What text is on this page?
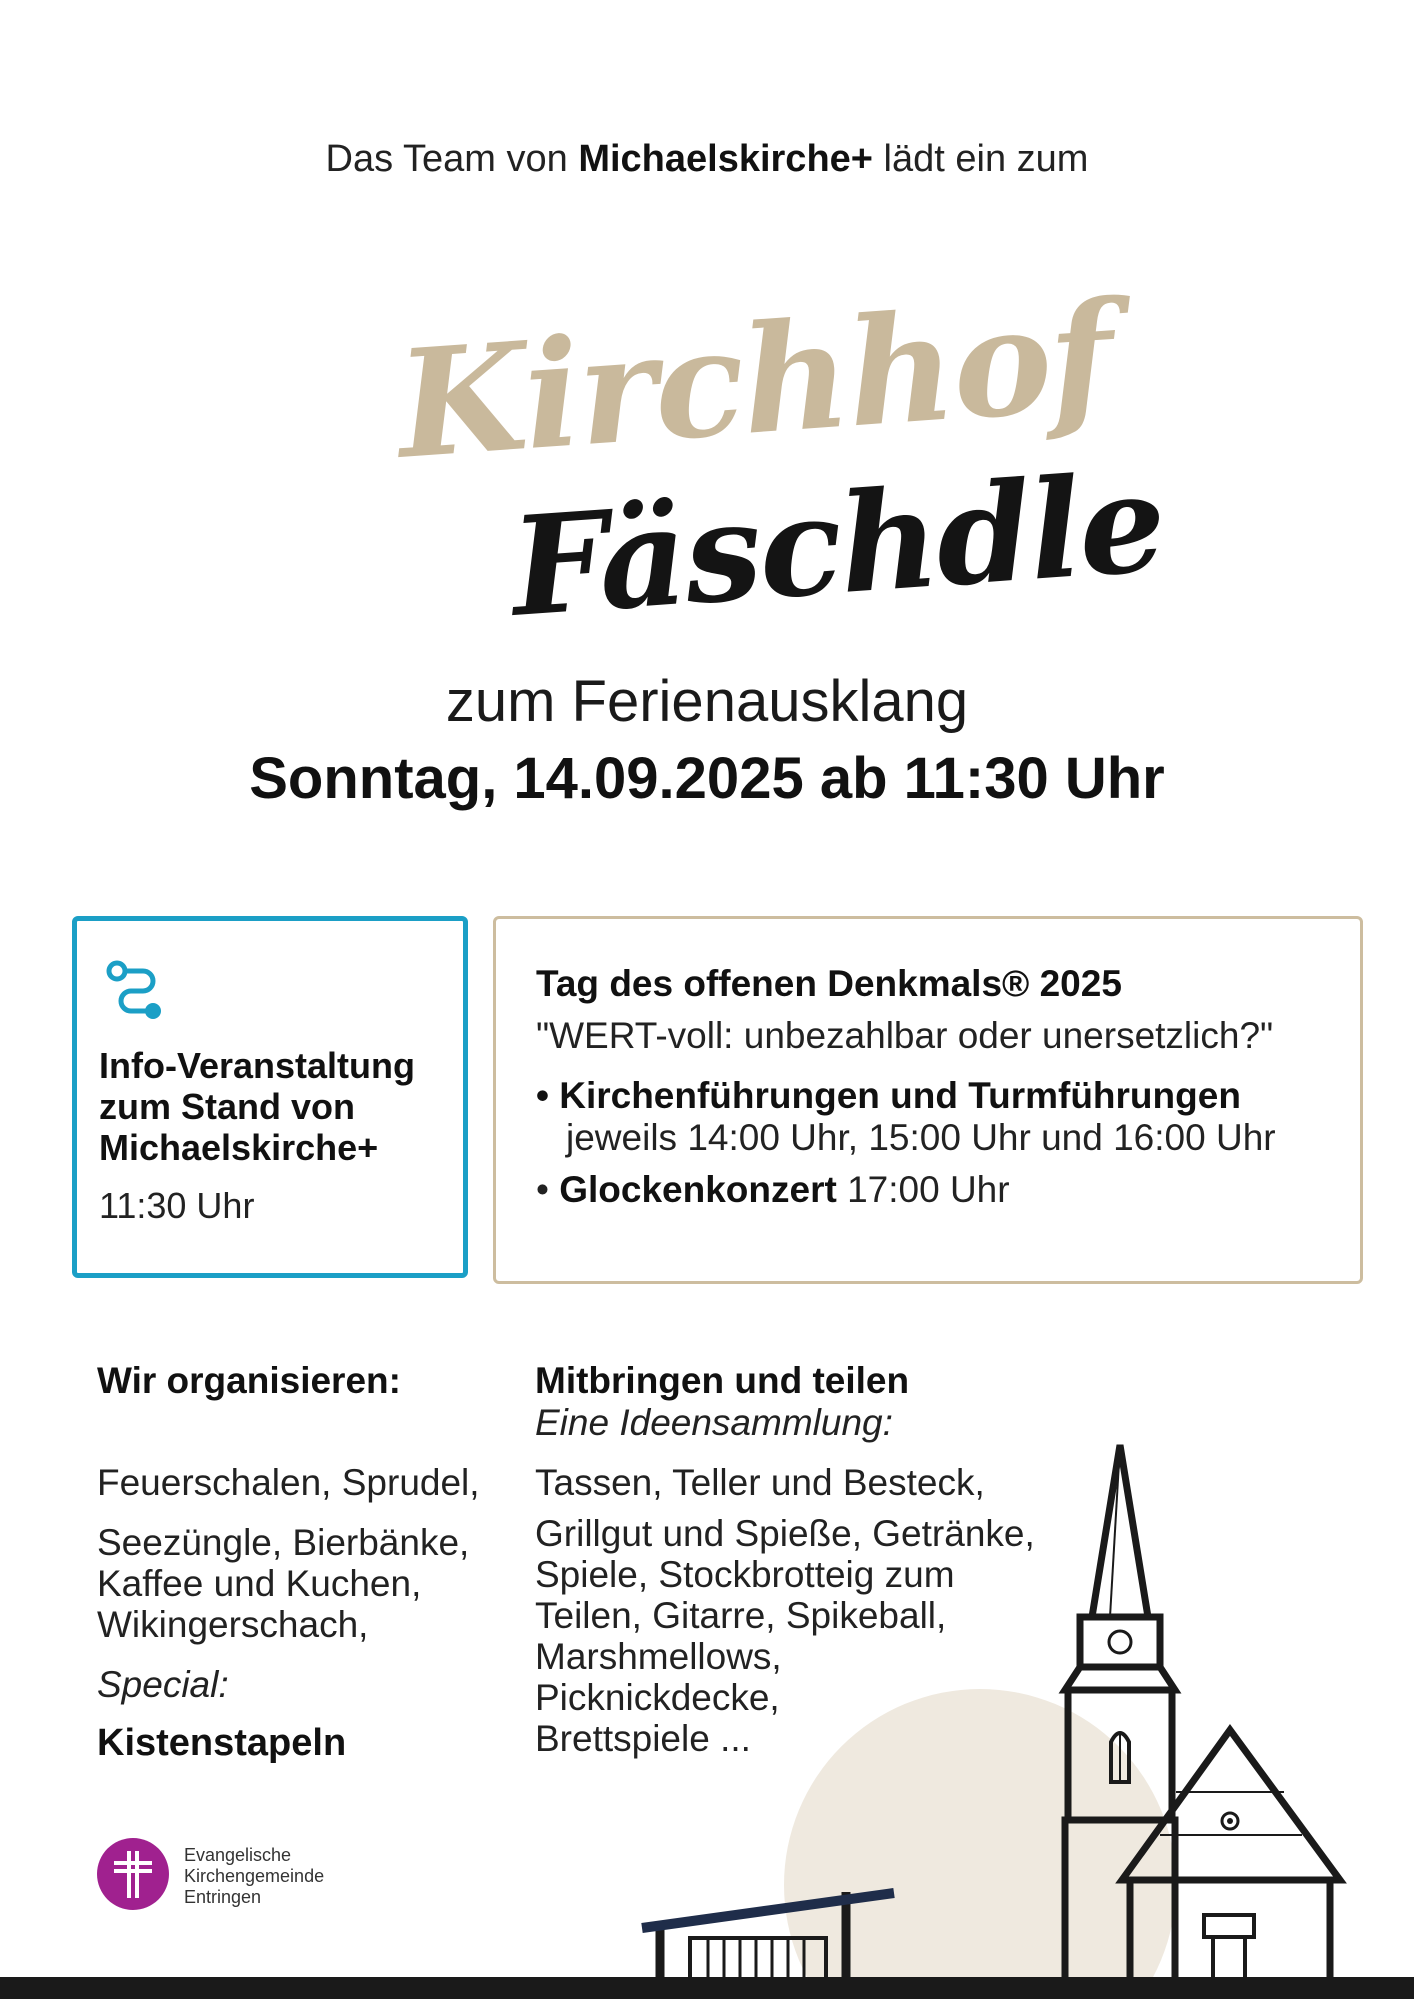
Das Team von Michaelskirche+ lädt ein zum
Kirchhof
Fäschdle
zum Ferienausklang
Sonntag, 14.09.2025 ab 11:30 Uhr
Info-Veranstaltung zum Stand von Michaelskirche+
11:30 Uhr
Tag des offenen Denkmals® 2025
"WERT-voll: unbezahlbar oder unersetzlich?"
• Kirchenführungen und Turmführungen
jeweils 14:00 Uhr, 15:00 Uhr und 16:00 Uhr
• Glockenkonzert 17:00 Uhr
Wir organisieren:
Feuerschalen, Sprudel,
Seezüngle, Bierbänke,
Kaffee und Kuchen,
Wikingerschach,
Special:
Kistenstapeln
Mitbringen und teilen
Eine Ideensammlung:
Tassen, Teller und Besteck,
Grillgut und Spieße, Getränke,
Spiele, Stockbrotteig zum
Teilen, Gitarre, Spikeball,
Marshmellows,
Picknickdecke,
Brettspiele ...
Evangelische
Kirchengemeinde
Entringen
